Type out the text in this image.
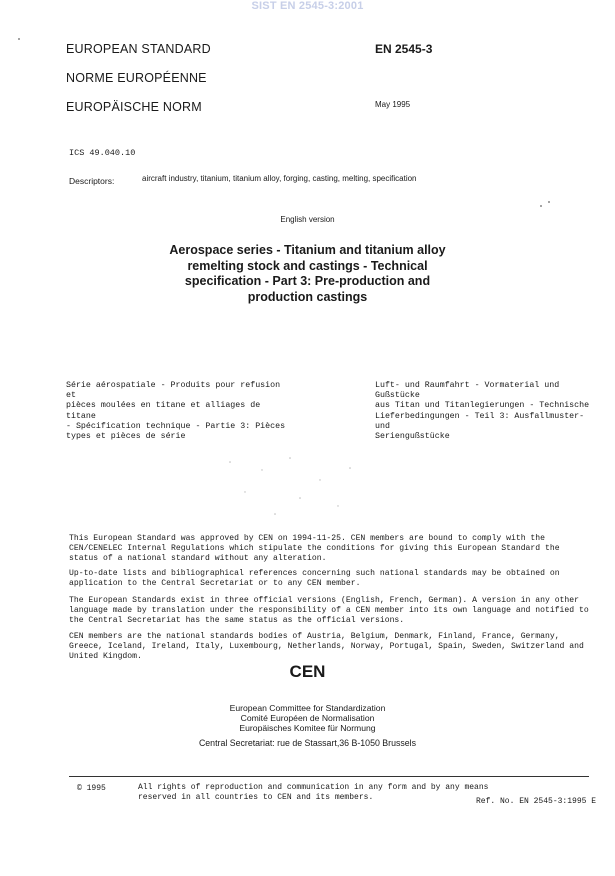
SIST EN 2545-3:2001
EUROPEAN STANDARD
NORME EUROPÉENNE
EUROPÄISCHE NORM
EN 2545-3
May 1995
ICS 49.040.10
Descriptors:	aircraft industry, titanium, titanium alloy, forging, casting, melting, specification
English version
Aerospace series - Titanium and titanium alloy
remelting stock and castings - Technical
specification - Part 3: Pre-production and
production castings
Série aérospatiale - Produits pour refusion et
pièces moulées en titane et alliages de titane
- Spécification technique - Partie 3: Pièces
types et pièces de série
Luft- und Raumfahrt - Vormaterial und Gußstücke
aus Titan und Titanlegierungen - Technische
Lieferbedingungen - Teil 3: Ausfallmuster- und
Seriengußstücke
This European Standard was approved by CEN on 1994-11-25. CEN members are bound to comply with the CEN/CENELEC Internal Regulations which stipulate the conditions for giving this European Standard the status of a national standard without any alteration.
Up-to-date lists and bibliographical references concerning such national standards may be obtained on application to the Central Secretariat or to any CEN member.
The European Standards exist in three official versions (English, French, German). A version in any other language made by translation under the responsibility of a CEN member into its own language and notified to the Central Secretariat has the same status as the official versions.
CEN members are the national standards bodies of Austria, Belgium, Denmark, Finland, France, Germany, Greece, Iceland, Ireland, Italy, Luxembourg, Netherlands, Norway, Portugal, Spain, Sweden, Switzerland and United Kingdom.
CEN
European Committee for Standardization
Comité Européen de Normalisation
Europäisches Komitee für Normung
Central Secretariat: rue de Stassart,36 B-1050 Brussels
© 1995	All rights of reproduction and communication in any form and by any means
reserved in all countries to CEN and its members.	Ref. No. EN 2545-3:1995 E
